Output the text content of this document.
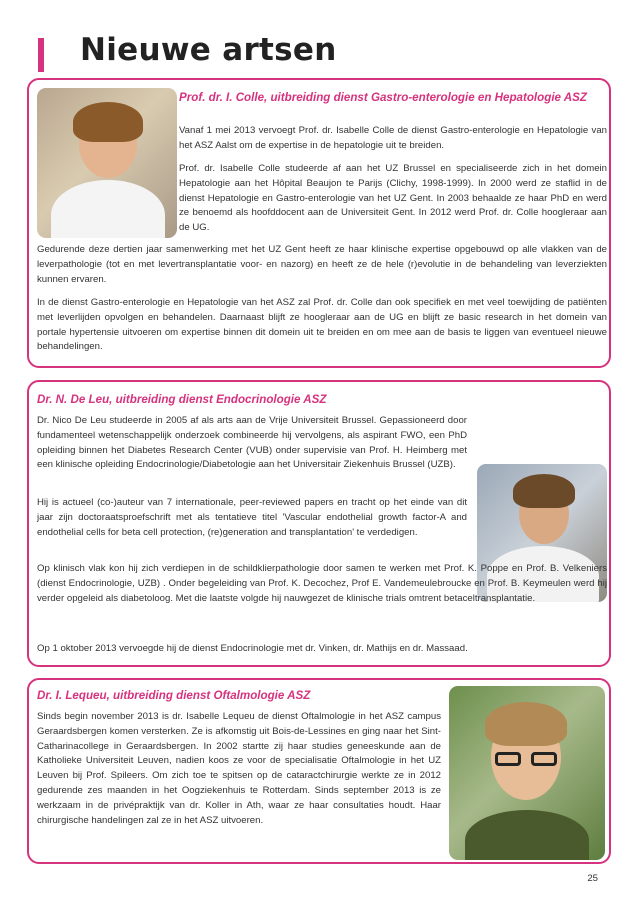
Nieuwe artsen
Prof. dr. I. Colle, uitbreiding dienst Gastro-enterologie en Hepatologie ASZ

Vanaf 1 mei 2013 vervoegt Prof. dr. Isabelle Colle de dienst Gastro-enterologie en Hepatologie van het ASZ Aalst om de expertise in de hepatologie uit te breiden.

Prof. dr. Isabelle Colle studeerde af aan het UZ Brussel en specialiseerde zich in het domein Hepatologie aan het Hôpital Beaujon te Parijs (Clichy, 1998-1999). In 2000 werd ze staflid in de dienst Hepatologie en Gastro-enterologie van het UZ Gent. In 2003 behaalde ze haar PhD en werd ze benoemd als hoofddocent aan de Universiteit Gent. In 2012 werd Prof. dr. Colle hoogleraar aan de UG.

Gedurende deze dertien jaar samenwerking met het UZ Gent heeft ze haar klinische expertise opgebouwd op alle vlakken van de leverpathologie (tot en met levertransplantatie voor- en nazorg) en heeft ze de hele (r)evolutie in de behandeling van leverziekten kunnen ervaren.

In de dienst Gastro-enterologie en Hepatologie van het ASZ zal Prof. dr. Colle dan ook specifiek en met veel toewijding de patiënten met leverlijden opvolgen en behandelen. Daarnaast blijft ze hoogleraar aan de UG en blijft ze basic research in het domein van portale hypertensie uitvoeren om expertise binnen dit domein uit te breiden en om mee aan de basis te liggen van eventueel nieuwe behandelingen.

Dr. N. De Leu, uitbreiding dienst Endocrinologie ASZ

Dr. Nico De Leu studeerde in 2005 af als arts aan de Vrije Universiteit Brussel. Gepassioneerd door fundamenteel wetenschappelijk onderzoek combineerde hij vervolgens, als aspirant FWO, een PhD opleiding binnen het Diabetes Research Center (VUB) onder supervisie van Prof. H. Heimberg met een klinische opleiding Endocrinologie/Diabetologie aan het Universitair Ziekenhuis Brussel (UZB).

Hij is actueel (co-)auteur van 7 internationale, peer-reviewed papers en tracht op het einde van dit jaar zijn doctoraatsproefschrift met als tentatieve titel 'Vascular endothelial growth factor-A and endothelial cells for beta cell protection, (re)generation and transplantation' te verdedigen.

Op klinisch vlak kon hij zich verdiepen in de schildklierpathologie door samen te werken met Prof. K. Poppe en Prof. B. Velkeniers (dienst Endocrinologie, UZB) . Onder begeleiding van Prof. K. Decochez, Prof E. Vandemeulebroucke en Prof. B. Keymeulen werd hij verder opgeleid als diabetoloog. Met die laatste volgde hij nauwgezet de klinische trials omtrent betaceltransplantatie.

Op 1 oktober 2013 vervoegde hij de dienst Endocrinologie met dr. Vinken, dr. Mathijs en dr. Massaad.

Dr. I. Lequeu, uitbreiding dienst Oftalmologie ASZ

Sinds begin november 2013 is dr. Isabelle Lequeu de dienst Oftalmologie in het ASZ campus Geraardsbergen komen versterken. Ze is afkomstig uit Bois-de-Lessines en ging naar het Sint-Catharinacollege in Geraardsbergen. In 2002 startte zij haar studies geneeskunde aan de Katholieke Universiteit Leuven, nadien koos ze voor de specialisatie Oftalmologie in het UZ Leuven bij Prof. Spileers. Om zich toe te spitsen op de cataractchirurgie werkte ze in 2012 gedurende zes maanden in het Oogziekenhuis te Rotterdam. Sinds september 2013 is ze werkzaam in de privépraktijk van dr. Koller in Ath, waar ze haar consultaties houdt. Haar chirurgische handelingen zal ze in het ASZ uitvoeren.

25
